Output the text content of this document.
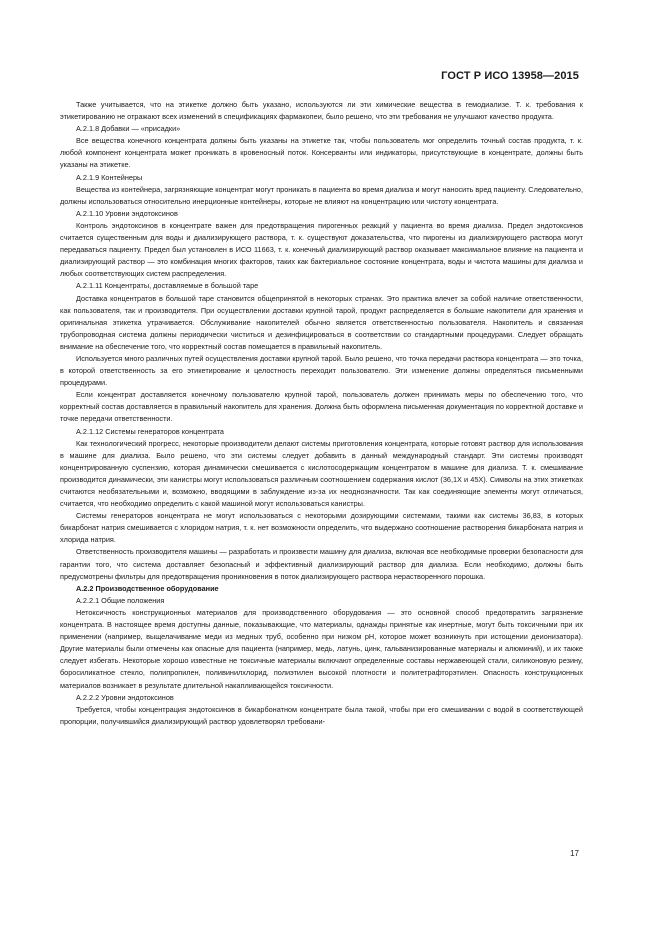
ГОСТ Р ИСО 13958—2015

Также учитывается, что на этикетке должно быть указано, используются ли эти химические вещества в гемодиализе. Т. к. требования к этикетированию не отражают всех изменений в спецификациях фармакопеи, было решено, что эти требования не улучшают качество продукта.

A.2.1.8 Добавки — «присадки»

Все вещества конечного концентрата должны быть указаны на этикетке так, чтобы пользователь мог определить точный состав продукта, т. к. любой компонент концентрата может проникать в кровеносный поток. Консерванты или индикаторы, присутствующие в концентрате, должны быть указаны на этикетке.

A.2.1.9 Контейнеры

Вещества из контейнера, загрязняющие концентрат могут проникать в пациента во время диализа и могут наносить вред пациенту. Следовательно, должны использоваться относительно инерционные контейнеры, которые не влияют на концентрацию или чистоту концентрата.

A.2.1.10 Уровни эндотоксинов

Контроль эндотоксинов в концентрате важен для предотвращения пирогенных реакций у пациента во время диализа. Предел эндотоксинов считается существенным для воды и диализирующего раствора, т. к. существуют доказательства, что пирогены из диализирующего раствора могут передаваться пациенту. Предел был установлен в ИСО 11663, т. к. конечный диализирующий раствор оказывает максимальное влияние на пациента и диализирующий раствор — это комбинация многих факторов, таких как бактериальное состояние концентрата, воды и чистота машины для диализа и любых соответствующих систем распределения.

A.2.1.11 Концентраты, доставляемые в большой таре

Доставка концентратов в большой таре становится общепринятой в некоторых странах. Это практика влечет за собой наличие ответственности, как пользователя, так и производителя. При осуществлении доставки крупной тарой, продукт распределяется в большие накопители для хранения и оригинальная этикетка утрачивается. Обслуживание накопителей обычно является ответственностью пользователя. Накопитель и связанная трубопроводная система должны периодически чиститься и дезинфицироваться в соответствии со стандартными процедурами. Следует обращать внимание на обеспечение того, что корректный состав помещается в правильный накопитель.

Используется много различных путей осуществления доставки крупной тарой. Было решено, что точка передачи раствора концентрата — это точка, в которой ответственность за его этикетирование и целостность переходит пользователю. Эти изменение должны определяться письменными процедурами.

Если концентрат доставляется конечному пользователю крупной тарой, пользователь должен принимать меры по обеспечению того, что корректный состав доставляется в правильный накопитель для хранения. Должна быть оформлена письменная документация по корректной доставке и точке передачи ответственности.

A.2.1.12 Системы генераторов концентрата

Как технологический прогресс, некоторые производители делают системы приготовления концентрата, которые готовят раствор для использования в машине для диализа. Было решено, что эти системы следует добавить в данный международный стандарт. Эти системы производят концентрированную суспензию, которая динамически смешивается с кислотосодержащим концентратом в машине для диализа. Т. к. смешивание производится динамически, эти канистры могут использоваться различным соотношением содержания кислот (36,1Х и 45Х). Символы на этих этикетках считаются необязательными и, возможно, вводящими в заблуждение из-за их неоднозначности. Так как соединяющие элементы могут отличаться, считается, что необходимо определить с какой машиной могут использоваться канистры.

Системы генераторов концентрата не могут использоваться с некоторыми дозирующими системами, такими как системы 36,83, в которых бикарбонат натрия смешивается с хлоридом натрия, т. к. нет возможности определить, что выдержано соотношение растворения бикарбоната натрия и хлорида натрия.

Ответственность производителя машины — разработать и произвести машину для диализа, включая все необходимые проверки безопасности для гарантии того, что система доставляет безопасный и эффективный диализирующий раствор для диализа. Если необходимо, должны быть предусмотрены фильтры для предотвращения проникновения в поток диализирующего раствора нерастворенного порошка.

A.2.2 Производственное оборудование

A.2.2.1 Общие положения

Нетоксичность конструкционных материалов для производственного оборудования — это основной способ предотвратить загрязнение концентрата. В настоящее время доступны данные, показывающие, что материалы, однажды принятые как инертные, могут быть токсичными при их применении (например, выщелачивание меди из медных труб, особенно при низком pH, которое может возникнуть при истощении деионизатора). Другие материалы были отмечены как опасные для пациента (например, медь, латунь, цинк, гальванизированные материалы и алюминий), и их также следует избегать. Некоторые хорошо известные не токсичные материалы включают определенные составы нержавеющей стали, силиконовую резину, боросиликатное стекло, полипропилен, поливинилхлорид, полиэтилен высокой плотности и политетрафторэтилен. Опасность конструкционных материалов возникает в результате длительной накапливающейся токсичности.

A.2.2.2 Уровни эндотоксинов

Требуется, чтобы концентрация эндотоксинов в бикарбонатном концентрате была такой, чтобы при его смешивании с водой в соответствующей пропорции, получившийся диализирующий раствор удовлетворял требовани-

17
